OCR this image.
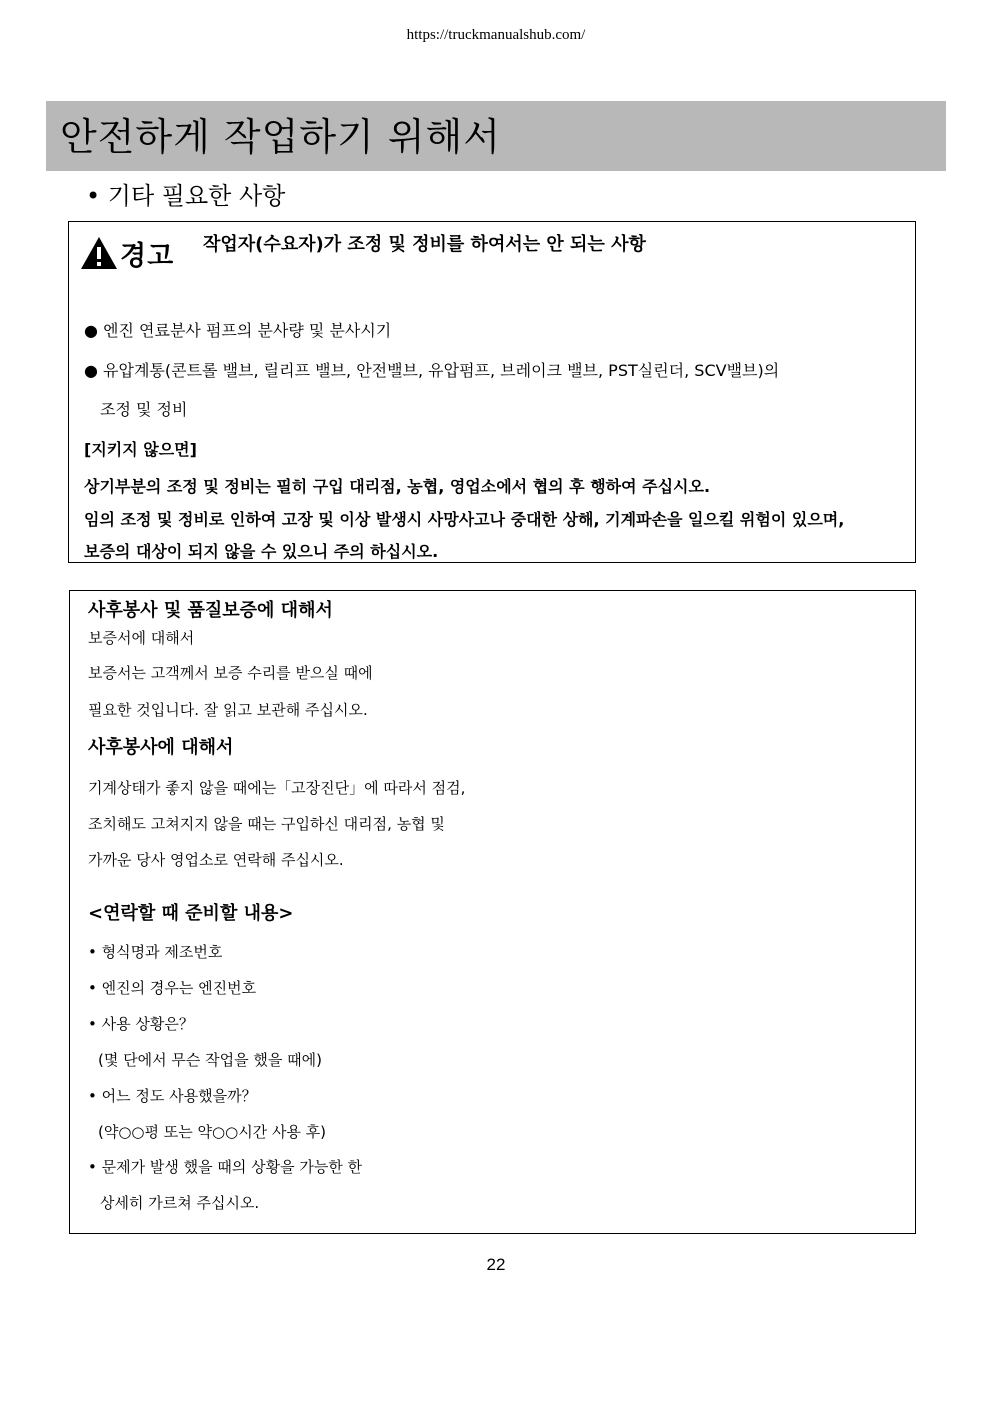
https://truckmanualshub.com/
안전하게 작업하기 위해서
• 기타 필요한 사항
경고 작업자(수요자)가 조정 및 정비를 하여서는 안 되는 사항
● 엔진 연료분사 펌프의 분사량 및 분사시기
● 유압계통(콘트롤 밸브, 릴리프 밸브, 안전밸브, 유압펌프, 브레이크 밸브, PST실린더, SCV밸브)의
조정 및 정비
[지키지 않으면]
상기부분의 조정 및 정비는 필히 구입 대리점, 농협, 영업소에서 협의 후 행하여 주십시오.
임의 조정 및 정비로 인하여 고장 및 이상 발생시 사망사고나 중대한 상해, 기계파손을 일으킬 위험이 있으며,
보증의 대상이 되지 않을 수 있으니 주의 하십시오.
사후봉사 및 품질보증에 대해서
보증서에 대해서
보증서는 고객께서 보증 수리를 받으실 때에
필요한 것입니다. 잘 읽고 보관해 주십시오.
사후봉사에 대해서
기계상태가 좋지 않을 때에는「고장진단」에 따라서 점검,
조치해도 고쳐지지 않을 때는 구입하신 대리점, 농협 및
가까운 당사 영업소로 연락해 주십시오.
<연락할 때 준비할 내용>
• 형식명과 제조번호
• 엔진의 경우는 엔진번호
• 사용 상황은？
(몇 단에서 무슨 작업을 했을 때에)
• 어느 정도 사용했을까？
(약○○평 또는 약○○시간 사용 후)
• 문제가 발생 했을 때의 상황을 가능한 한
상세히 가르쳐 주십시오.
22
